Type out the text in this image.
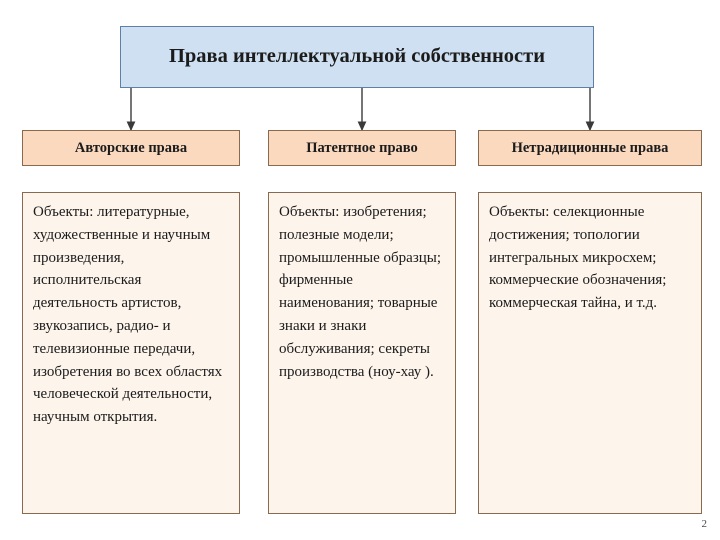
Права интеллектуальной собственности
Авторские права	Патентное право	Нетрадиционные права
Объекты: литературные, художественные и научным произведения, исполнительская деятельность артистов, звукозапись, радио- и телевизионные передачи, изобретения во всех областях человеческой деятельности, научным открытия.
Объекты: изобретения; полезные модели; промышленные образцы; фирменные наименования; товарные знаки и знаки обслуживания; секреты производства (ноу-хау ).
Объекты: селекционные достижения; топологии интегральных микросхем; коммерческие обозначения; коммерческая тайна, и т.д.
2
